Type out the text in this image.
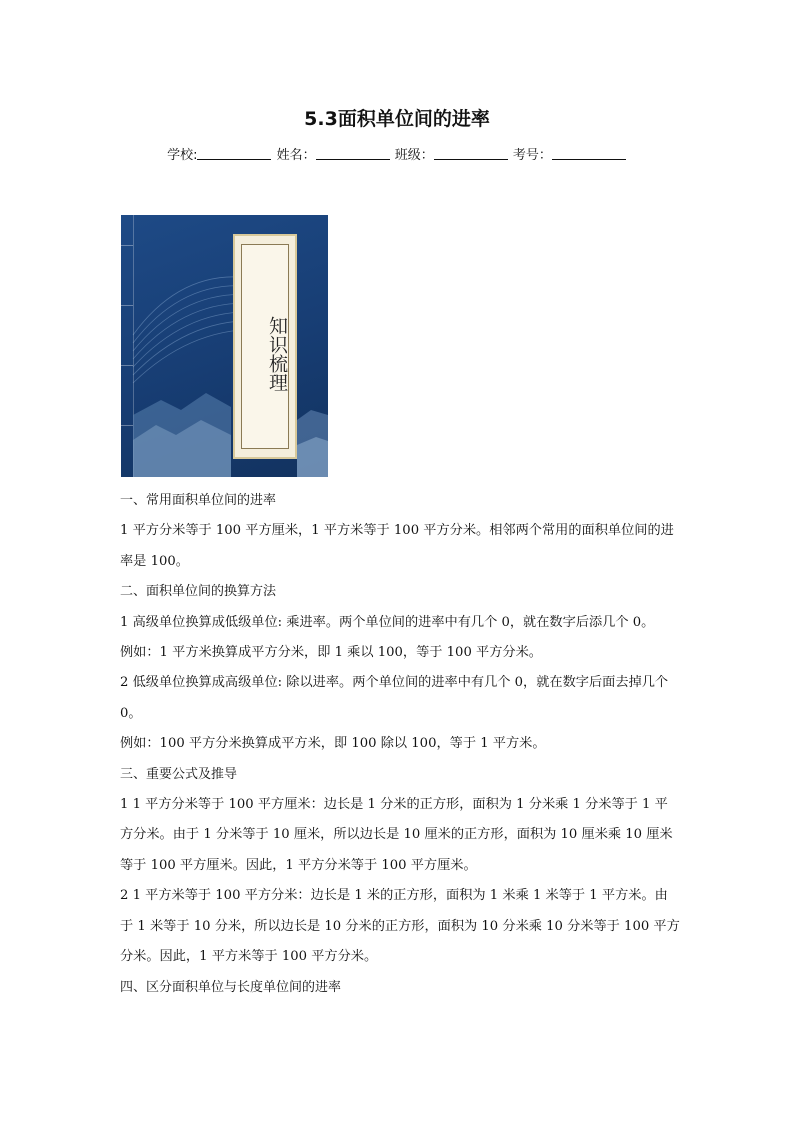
5.3面积单位间的进率
学校:	姓名：	班级：	考号：
知识梳理

一、常用面积单位间的进率

1 平方分米等于 100 平方厘米，1 平方米等于 100 平方分米。相邻两个常用的面积单位间的进率是 100。

二、面积单位间的换算方法

1 高级单位换算成低级单位: 乘进率。两个单位间的进率中有几个 0，就在数字后添几个 0。

例如：1 平方米换算成平方分米，即 1 乘以 100，等于 100 平方分米。

2 低级单位换算成高级单位: 除以进率。两个单位间的进率中有几个 0，就在数字后面去掉几个 0。

例如：100 平方分米换算成平方米，即 100 除以 100，等于 1 平方米。

三、重要公式及推导

1 1 平方分米等于 100 平方厘米：边长是 1 分米的正方形，面积为 1 分米乘 1 分米等于 1 平方分米。由于 1 分米等于 10 厘米，所以边长是 10 厘米的正方形，面积为 10 厘米乘 10 厘米等于 100 平方厘米。因此，1 平方分米等于 100 平方厘米。

2 1 平方米等于 100 平方分米：边长是 1 米的正方形，面积为 1 米乘 1 米等于 1 平方米。由于 1 米等于 10 分米，所以边长是 10 分米的正方形，面积为 10 分米乘 10 分米等于 100 平方分米。因此，1 平方米等于 100 平方分米。

四、区分面积单位与长度单位间的进率
